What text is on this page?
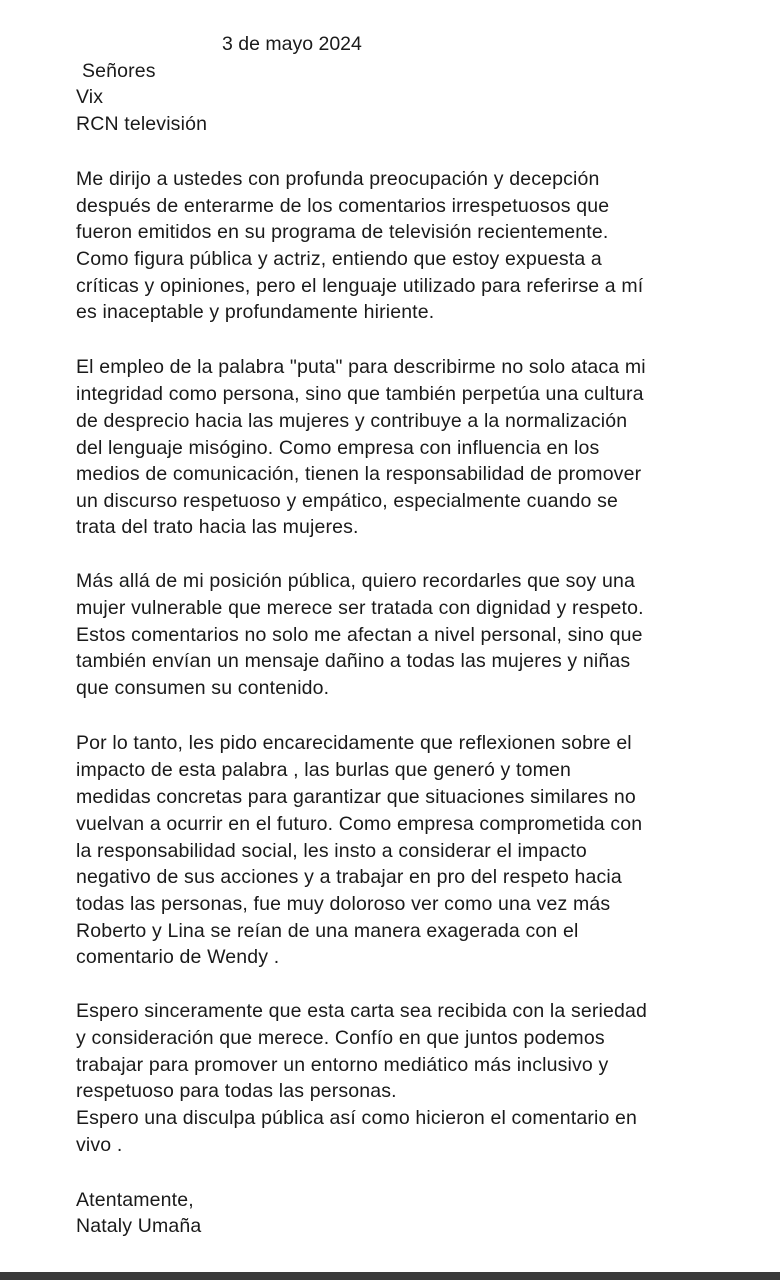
3 de mayo 2024
Señores
Vix
RCN televisión
Me dirijo a ustedes con profunda preocupación y decepción
después de enterarme de los comentarios irrespetuosos que
fueron emitidos en su programa de televisión recientemente.
Como figura pública y actriz, entiendo que estoy expuesta a
críticas y opiniones, pero el lenguaje utilizado para referirse a mí
es inaceptable y profundamente hiriente.
El empleo de la palabra "puta" para describirme no solo ataca mi
integridad como persona, sino que también perpetúa una cultura
de desprecio hacia las mujeres y contribuye a la normalización
del lenguaje misógino. Como empresa con influencia en los
medios de comunicación, tienen la responsabilidad de promover
un discurso respetuoso y empático, especialmente cuando se
trata del trato hacia las mujeres.
Más allá de mi posición pública, quiero recordarles que soy una
mujer vulnerable que merece ser tratada con dignidad y respeto.
Estos comentarios no solo me afectan a nivel personal, sino que
también envían un mensaje dañino a todas las mujeres y niñas
que consumen su contenido.
Por lo tanto, les pido encarecidamente que reflexionen sobre el
impacto de esta palabra , las burlas que generó y tomen
medidas concretas para garantizar que situaciones similares no
vuelvan a ocurrir en el futuro. Como empresa comprometida con
la responsabilidad social, les insto a considerar el impacto
negativo de sus acciones y a trabajar en pro del respeto hacia
todas las personas, fue muy doloroso ver como una vez más
Roberto y Lina se reían de una manera exagerada con el
comentario de Wendy .
Espero sinceramente que esta carta sea recibida con la seriedad
y consideración que merece. Confío en que juntos podemos
trabajar para promover un entorno mediático más inclusivo y
respetuoso para todas las personas.
Espero una disculpa pública así como hicieron el comentario en
vivo .
Atentamente,
Nataly Umaña
